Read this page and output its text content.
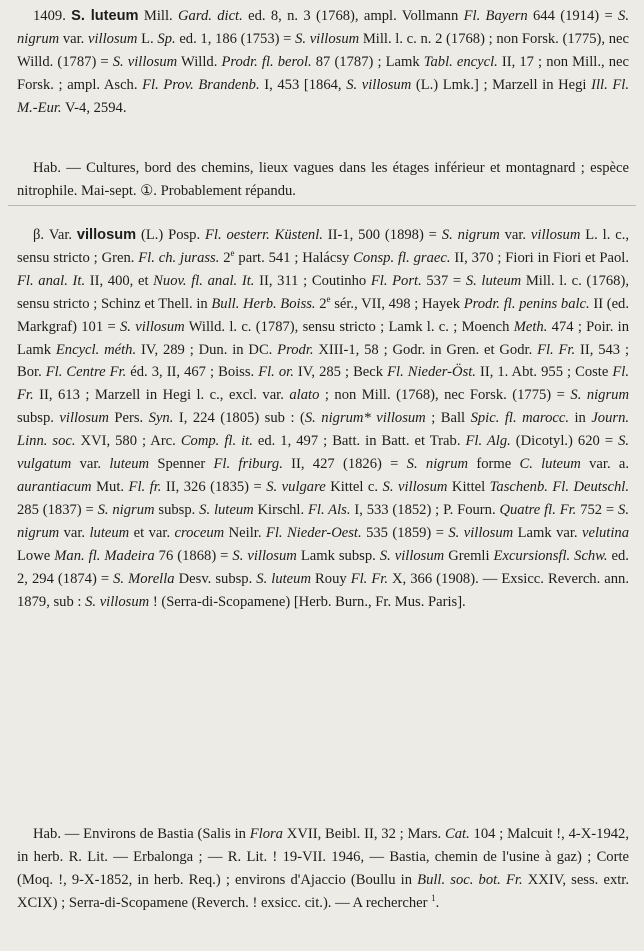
1409. S. luteum Mill. Gard. dict. ed. 8, n. 3 (1768), ampl. Vollmann Fl. Bayern 644 (1914) = S. nigrum var. villosum L. Sp. ed. 1, 186 (1753) = S. villosum Mill. l. c. n. 2 (1768) ; non Forsk. (1775), nec Willd. (1787) = S. villosum Willd. Prodr. fl. berol. 87 (1787) ; Lamk Tabl. encycl. II, 17 ; non Mill., nec Forsk. ; ampl. Asch. Fl. Prov. Brandenb. I, 453 [1864, S. villosum (L.) Lmk.] ; Marzell in Hegi Ill. Fl. M.-Eur. V-4, 2594.
Hab. — Cultures, bord des chemins, lieux vagues dans les étages inférieur et montagnard ; espèce nitrophile. Mai-sept. ①. Probablement répandu.
β. Var. villosum (L.) Posp. Fl. oesterr. Küstenl. II-1, 500 (1898) = S. nigrum var. villosum L. l. c., sensu stricto ; Gren. Fl. ch. jurass. 2e part. 541 ; Halácsy Consp. fl. graec. II, 370 ; Fiori in Fiori et Paol. Fl. anal. It. II, 400, et Nuov. fl. anal. It. II, 311 ; Coutinho Fl. Port. 537 = S. luteum Mill. l. c. (1768), sensu stricto ; Schinz et Thell. in Bull. Herb. Boiss. 2e sér., VII, 498 ; Hayek Prodr. fl. penins balc. II (ed. Markgraf) 101 = S. villosum Willd. l. c. (1787), sensu stricto ; Lamk l. c. ; Moench Meth. 474 ; Poir. in Lamk Encycl. méth. IV, 289 ; Dun. in DC. Prodr. XIII-1, 58 ; Godr. in Gren. et Godr. Fl. Fr. II, 543 ; Bor. Fl. Centre Fr. éd. 3, II, 467 ; Boiss. Fl. or. IV, 285 ; Beck Fl. Nieder-Öst. II, 1. Abt. 955 ; Coste Fl. Fr. II, 613 ; Marzell in Hegi l. c., excl. var. alato ; non Mill. (1768), nec Forsk. (1775) = S. nigrum subsp. villosum Pers. Syn. I, 224 (1805) sub : (S. nigrum* villosum ; Ball Spic. fl. marocc. in Journ. Linn. soc. XVI, 580 ; Arc. Comp. fl. it. ed. 1, 497 ; Batt. in Batt. et Trab. Fl. Alg. (Dicotyl.) 620 = S. vulgatum var. luteum Spenner Fl. friburg. II, 427 (1826) = S. nigrum forme C. luteum var. a. aurantiacum Mut. Fl. fr. II, 326 (1835) = S. vulgare Kittel c. S. villosum Kittel Taschenb. Fl. Deutschl. 285 (1837) = S. nigrum subsp. S. luteum Kirschl. Fl. Als. I, 533 (1852) ; P. Fourn. Quatre fl. Fr. 752 = S. nigrum var. luteum et var. croceum Neilr. Fl. Nieder-Oest. 535 (1859) = S. villosum Lamk var. velutina Lowe Man. fl. Madeira 76 (1868) = S. villosum Lamk subsp. S. villosum Gremli Excursionsfl. Schw. ed. 2, 294 (1874) = S. Morella Desv. subsp. S. luteum Rouy Fl. Fr. X, 366 (1908). — Exsicc. Reverch. ann. 1879, sub : S. villosum ! (Serra-di-Scopamene) [Herb. Burn., Fr. Mus. Paris].
Hab. — Environs de Bastia (Salis in Flora XVII, Beibl. II, 32 ; Mars. Cat. 104 ; Malcuit !, 4-X-1942, in herb. R. Lit. — Erbalonga ; — R. Lit. ! 19-VII. 1946, — Bastia, chemin de l'usine à gaz) ; Corte (Moq. !, 9-X-1852, in herb. Req.) ; environs d'Ajaccio (Boullu in Bull. soc. bot. Fr. XXIV, sess. extr. XCIX) ; Serra-di-Scopamene (Reverch. ! exsicc. cit.). — A rechercher $^1$.
